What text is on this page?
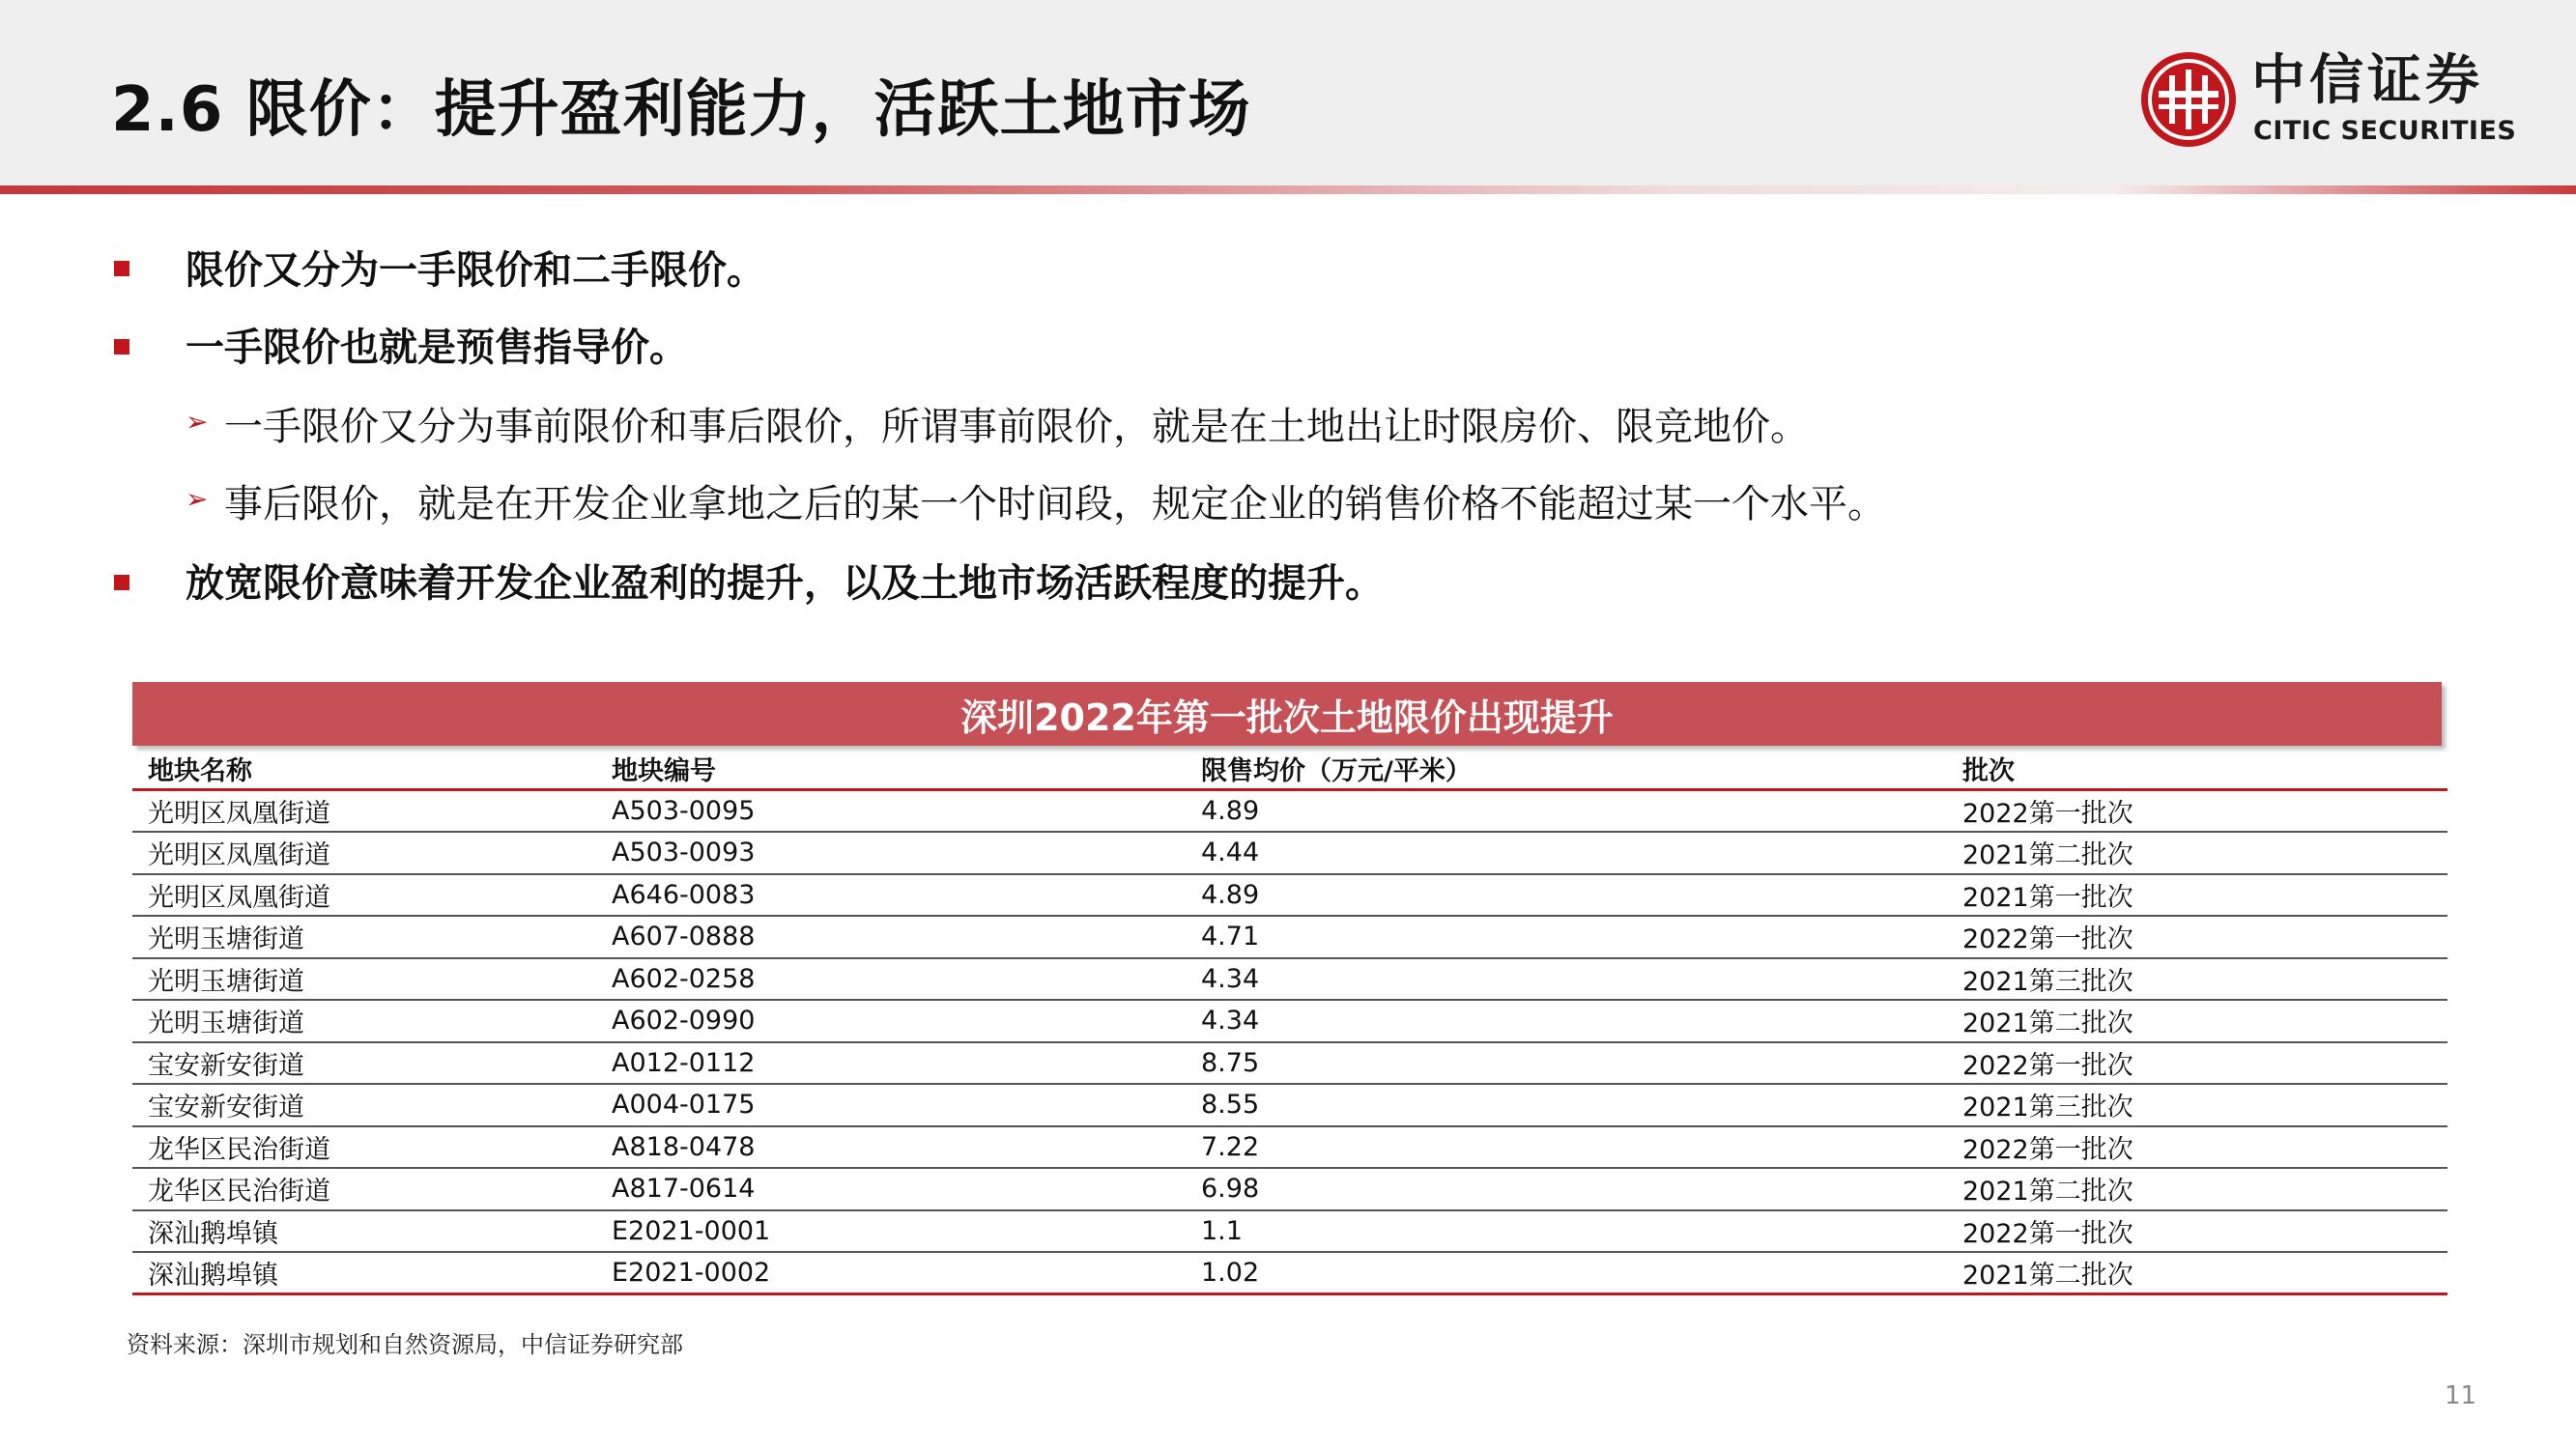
2.6 限价：提升盈利能力，活跃土地市场	中信证券
CITIC SECURITIES
限价又分为一手限价和二手限价。
一手限价也就是预售指导价。
➢ 一手限价又分为事前限价和事后限价，所谓事前限价，就是在土地出让时限房价、限竞地价。
➢ 事后限价，就是在开发企业拿地之后的某一个时间段，规定企业的销售价格不能超过某一个水平。
放宽限价意味着开发企业盈利的提升，以及土地市场活跃程度的提升。
深圳2022年第一批次土地限价出现提升
地块名称	地块编号	限售均价（万元/平米）	批次
光明区凤凰街道	A503-0095	4.89	2022第一批次
光明区凤凰街道	A503-0093	4.44	2021第二批次
光明区凤凰街道	A646-0083	4.89	2021第一批次
光明玉塘街道	A607-0888	4.71	2022第一批次
光明玉塘街道	A602-0258	4.34	2021第三批次
光明玉塘街道	A602-0990	4.34	2021第二批次
宝安新安街道	A012-0112	8.75	2022第一批次
宝安新安街道	A004-0175	8.55	2021第三批次
龙华区民治街道	A818-0478	7.22	2022第一批次
龙华区民治街道	A817-0614	6.98	2021第二批次
深汕鹅埠镇	E2021-0001	1.1	2022第一批次
深汕鹅埠镇	E2021-0002	1.02	2021第二批次
资料来源：深圳市规划和自然资源局，中信证券研究部
11
